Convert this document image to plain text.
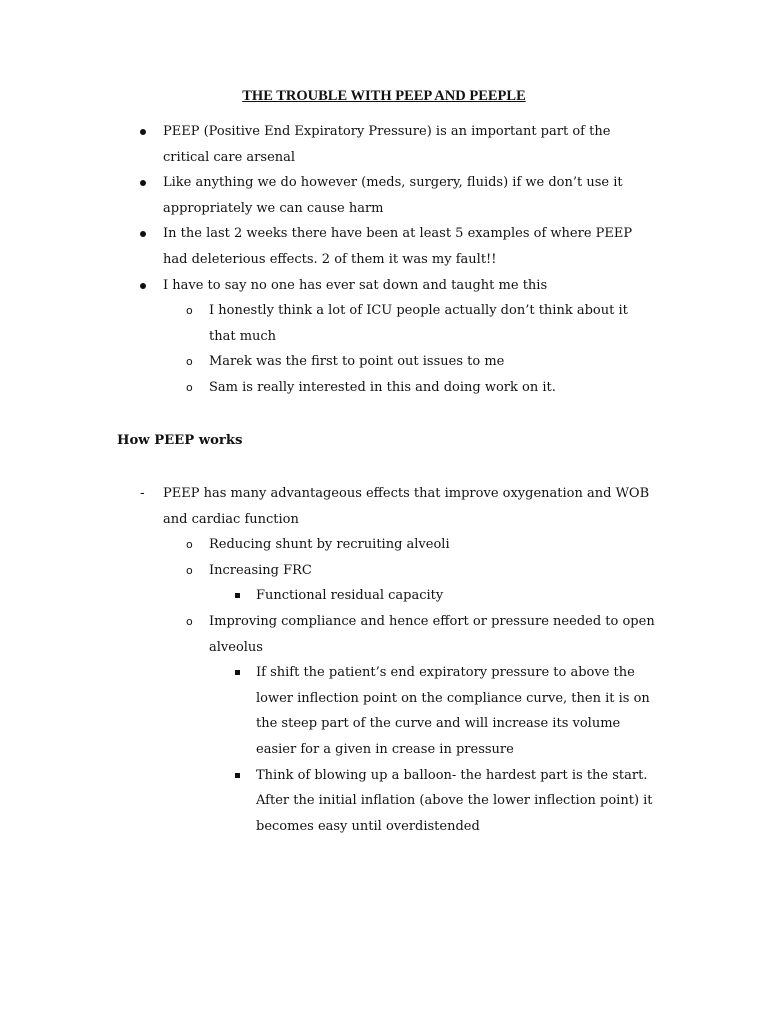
THE TROUBLE WITH PEEP AND PEEPLE
PEEP (Positive End Expiratory Pressure) is an important part of the critical care arsenal
Like anything we do however (meds, surgery, fluids) if we don’t use it appropriately we can cause harm
In the last 2 weeks there have been at least 5 examples of where PEEP had deleterious effects. 2 of them it was my fault!!
I have to say no one has ever sat down and taught me this
o I honestly think a lot of ICU people actually don’t think about it that much
o Marek was the first to point out issues to me
o Sam is really interested in this and doing work on it.
How PEEP works
- PEEP has many advantageous effects that improve oxygenation and WOB and cardiac function
o Reducing shunt by recruiting alveoli
o Increasing FRC
Functional residual capacity
o Improving compliance and hence effort or pressure needed to open alveolus
If shift the patient’s end expiratory pressure to above the lower inflection point on the compliance curve, then it is on the steep part of the curve and will increase its volume easier for a given in crease in pressure
Think of blowing up a balloon- the hardest part is the start. After the initial inflation (above the lower inflection point) it becomes easy until overdistended
